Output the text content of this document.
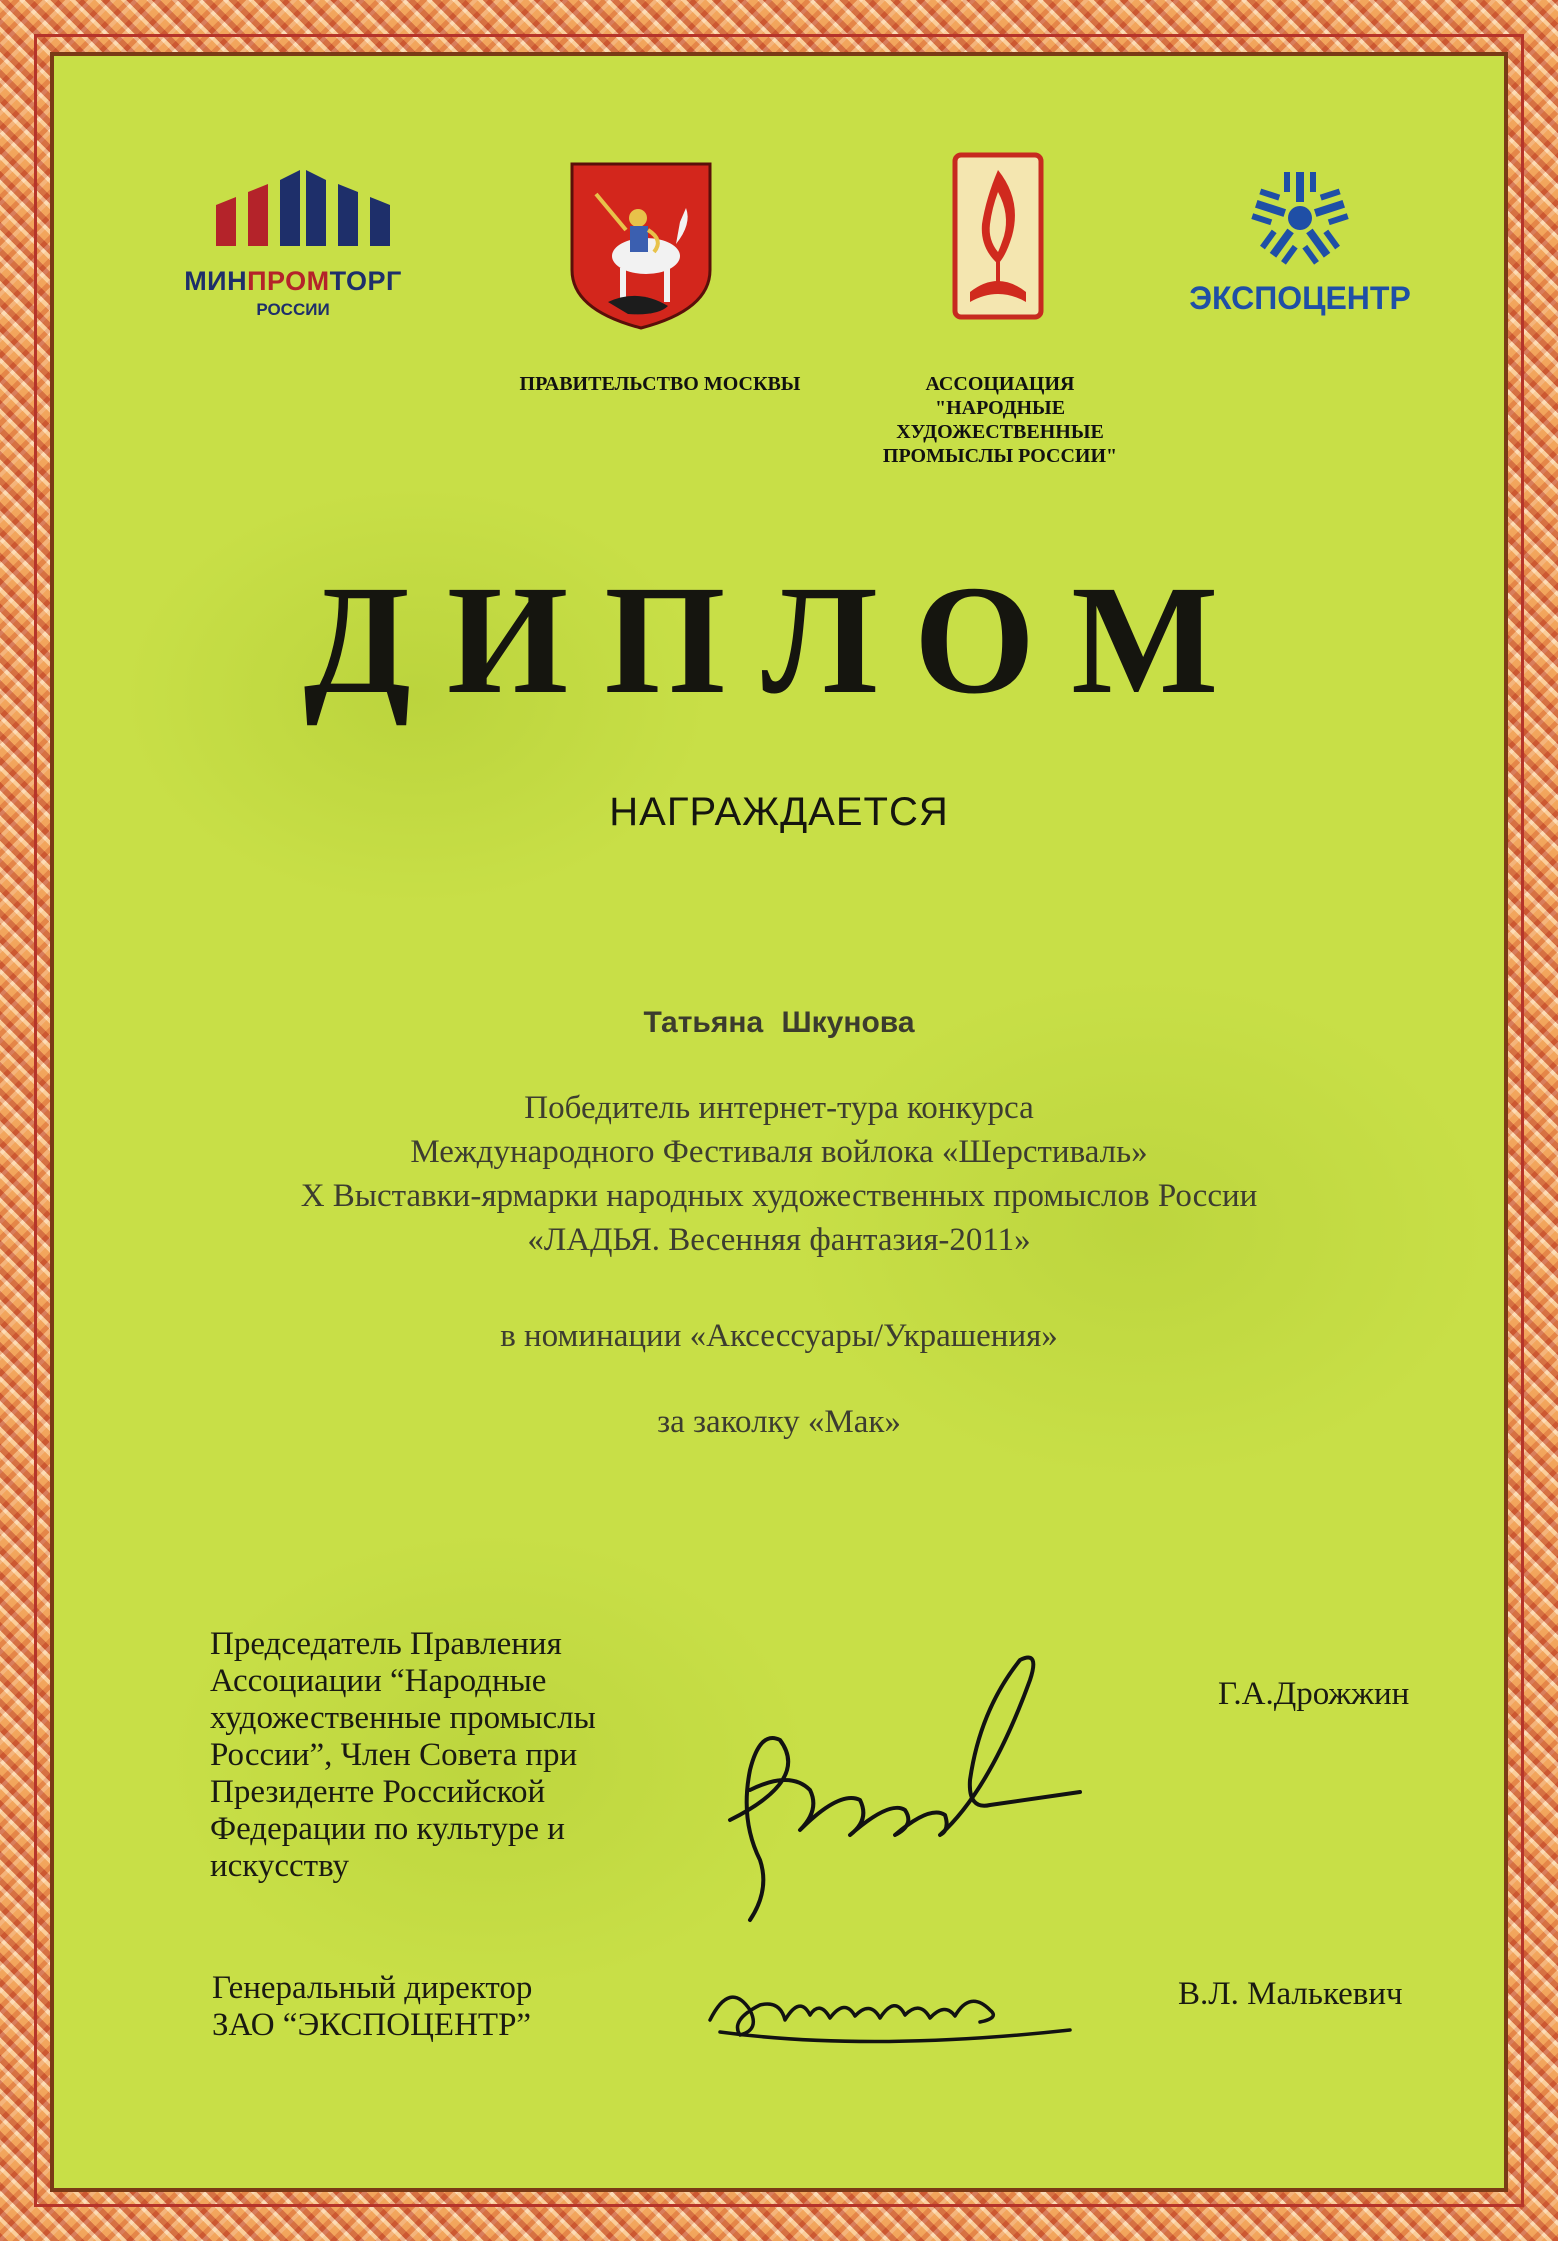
МИНПРОМТОРГ
РОССИИ	ЭКСПОЦЕНТР
ПРАВИТЕЛЬСТВО МОСКВЫ	АССОЦИАЦИЯ
"НАРОДНЫЕ
ХУДОЖЕСТВЕННЫЕ
ПРОМЫСЛЫ РОССИИ"
ДИПЛОМ
НАГРАЖДАЕТСЯ
Татьяна Шкунова
Победитель интернет-тура конкурса
Международного Фестиваля войлока «Шерстиваль»
X Выставки-ярмарки народных художественных промыслов России
«ЛАДЬЯ. Весенняя фантазия-2011»
в номинации «Аксессуары/Украшения»
за заколку «Мак»
Председатель Правления
Ассоциации “Народные
художественные промыслы
России”, Член Совета при
Президенте Российской
Федерации по культуре и
искусству
Г.А.Дрожжин
Генеральный директор
ЗАО “ЭКСПОЦЕНТР”
В.Л. Малькевич
